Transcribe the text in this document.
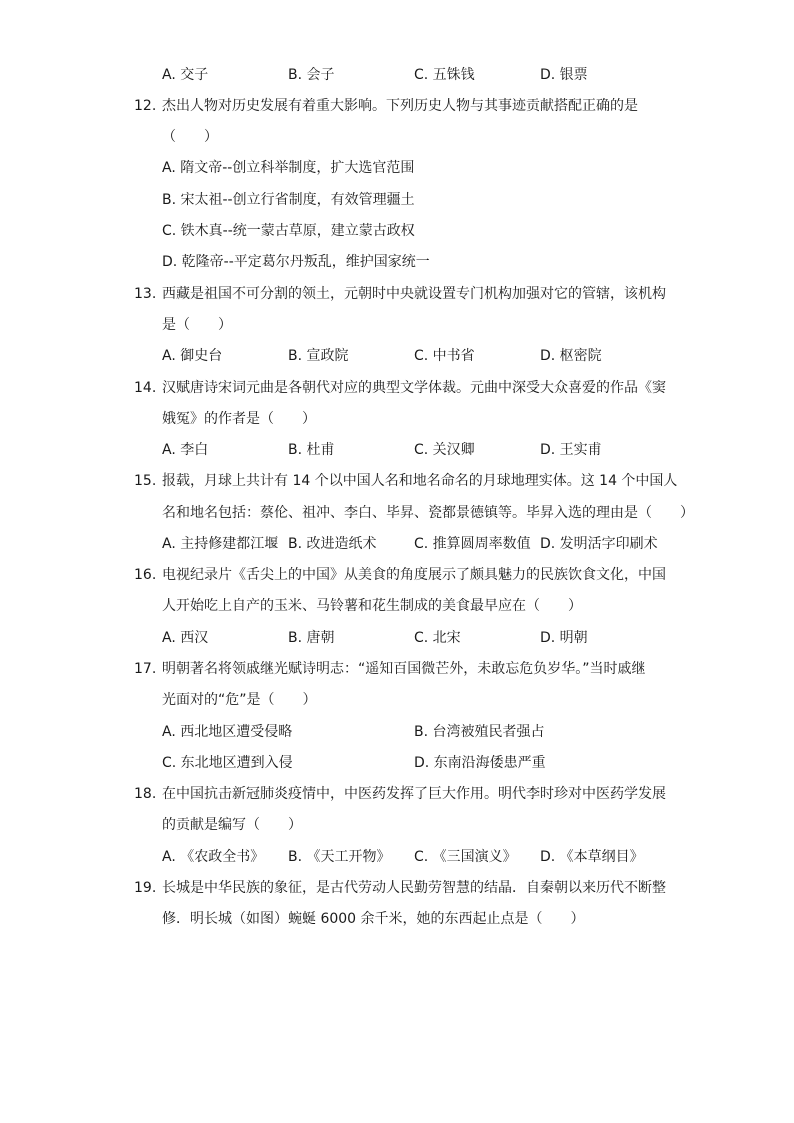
A. 交子	B. 会子	C. 五铢钱	D. 银票
12. 杰出人物对历史发展有着重大影响。下列历史人物与其事迹贡献搭配正确的是
（　　）
A. 隋文帝--创立科举制度，扩大选官范围
B. 宋太祖--创立行省制度，有效管理疆土
C. 铁木真--统一蒙古草原，建立蒙古政权
D. 乾隆帝--平定葛尔丹叛乱，维护国家统一
13. 西藏是祖国不可分割的领土，元朝时中央就设置专门机构加强对它的管辖，该机构
是（　　）
A. 御史台	B. 宣政院	C. 中书省	D. 枢密院
14. 汉赋唐诗宋词元曲是各朝代对应的典型文学体裁。元曲中深受大众喜爱的作品《窦
娥冤》的作者是（　　）
A. 李白	B. 杜甫	C. 关汉卿	D. 王实甫
15. 报载，月球上共计有 14 个以中国人名和地名命名的月球地理实体。这 14 个中国人
名和地名包括：蔡伦、祖冲、李白、毕昇、瓷都景德镇等。毕昇入选的理由是（　　）
A. 主持修建都江堰 B. 改进造纸术	C. 推算圆周率数值 D. 发明活字印刷术
16. 电视纪录片《舌尖上的中国》从美食的角度展示了颇具魅力的民族饮食文化，中国
人开始吃上自产的玉米、马铃薯和花生制成的美食最早应在（　　）
A. 西汉	B. 唐朝	C. 北宋	D. 明朝
17. 明朝著名将领戚继光赋诗明志：“遥知百国微芒外，未敢忘危负岁华。”当时戚继
光面对的“危”是（　　）
A. 西北地区遭受侵略	B. 台湾被殖民者强占
C. 东北地区遭到入侵	D. 东南沿海倭患严重
18. 在中国抗击新冠肺炎疫情中，中医药发挥了巨大作用。明代李时珍对中医药学发展
的贡献是编写（　　）
A. 《农政全书》 B. 《天工开物》 C. 《三国演义》 D. 《本草纲目》
19. 长城是中华民族的象征，是古代劳动人民勤劳智慧的结晶．自秦朝以来历代不断整
修．明长城（如图）蜿蜒 6000 余千米，她的东西起止点是（　　）
